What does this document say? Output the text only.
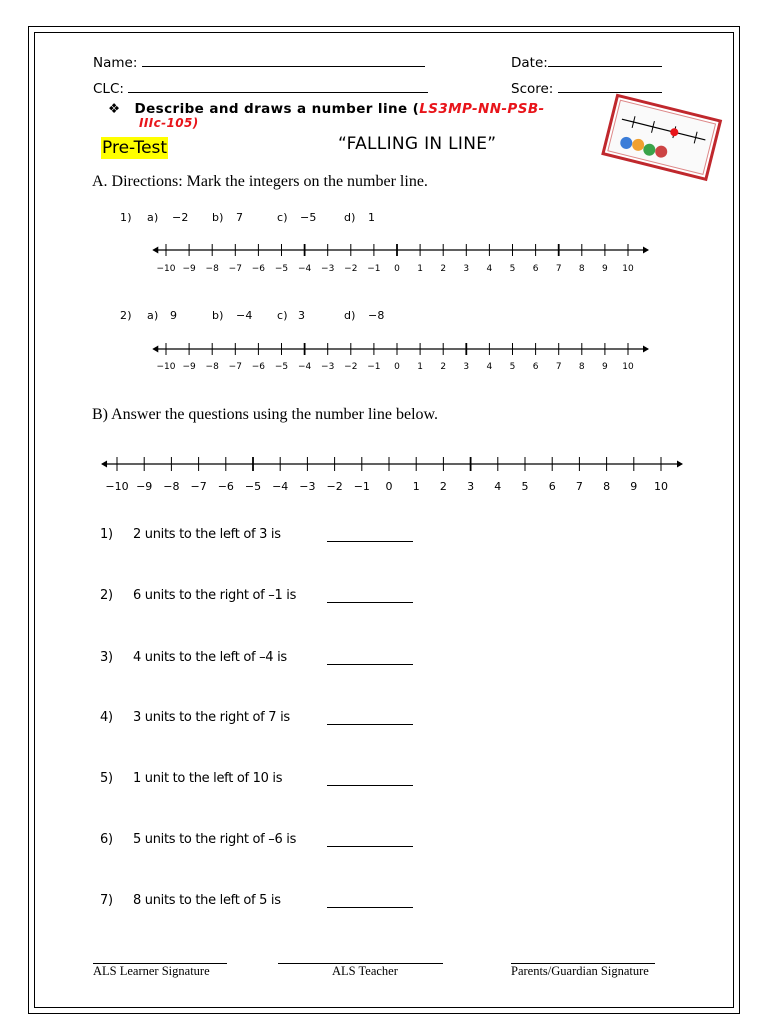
Name:	Date:
CLC:	Score:
❖ Describe and draws a number line (LS3MP-NN-PSB-
IIIc-105)
Pre-Test	“FALLING IN LINE”
A. Directions: Mark the integers on the number line.
1) a) −2 b) 7	c) −5 d) 1
−10 −9 −8 −7 −6 −5 −4 −3 −2 −1 0 1 2 3 4 5 6 7 8 9 10
2) a) 9	b) −4 c) 3	d) −8
−10 −9 −8 −7 −6 −5 −4 −3 −2 −1 0 1 2 3 4 5 6 7 8 9 10
B) Answer the questions using the number line below.
−10 −9 −8 −7 −6 −5 −4 −3 −2 −1 0 1 2 3 4 5 6 7 8 9 10
1) 2 units to the left of 3 is
2) 6 units to the right of –1 is
3) 4 units to the left of –4 is
4) 3 units to the right of 7 is
5) 1 unit to the left of 10 is
6) 5 units to the right of –6 is
7) 8 units to the left of 5 is
ALS Learner Signature	ALS Teacher	Parents/Guardian Signature
